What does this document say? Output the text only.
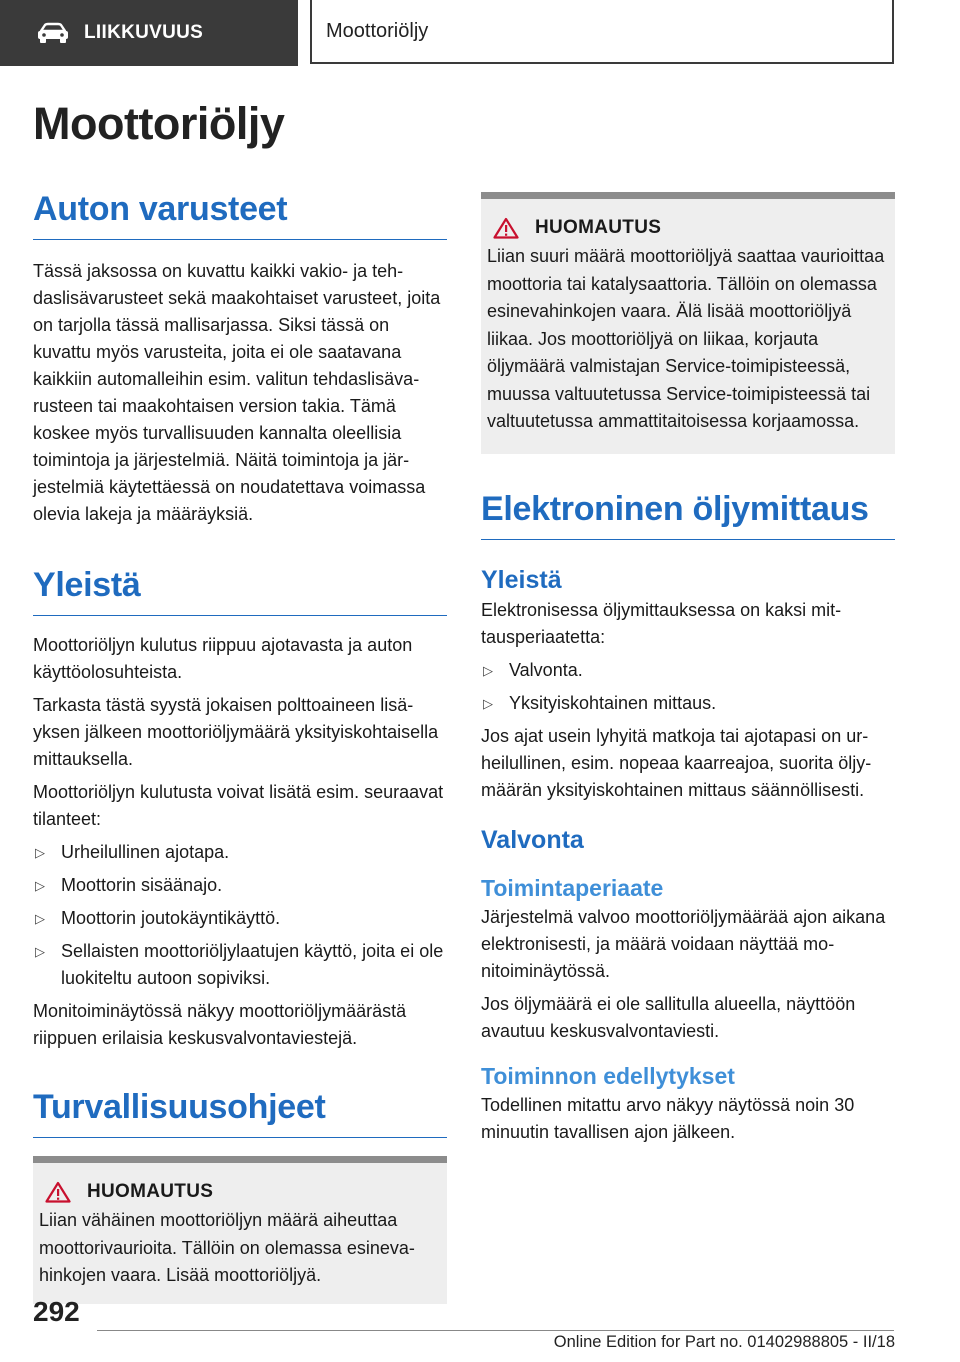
LIIKKUVUUS	Moottoriöljy
Moottoriöljy
Auton varusteet

Tässä jaksossa on kuvattu kaikki vakio- ja tehdaslisävarusteet sekä maakohtaiset varusteet, joita on tarjolla tässä mallisarjassa. Siksi tässä on kuvattu myös varusteita, joita ei ole saatavana kaikkiin automalleihin esim. valitun tehdaslisävarusteen tai maakohtaisen version takia. Tämä koskee myös turvallisuuden kannalta oleellisia toimintoja ja järjestelmiä. Näitä toimintoja ja järjestelmiä käytettäessä on noudatettava voimassa olevia lakeja ja määräyksiä.

Yleistä

Moottoriöljyn kulutus riippuu ajotavasta ja auton käyttöolosuhteista.

Tarkasta tästä syystä jokaisen polttoaineen lisäyksen jälkeen moottoriöljymäärä yksityiskohtaisella mittauksella.

Moottoriöljyn kulutusta voivat lisätä esim. seuraavat tilanteet:

▷ Urheilullinen ajotapa.
▷ Moottorin sisäänajo.
▷ Moottorin joutokäyntikäyttö.
▷ Sellaisten moottoriöljylaatujen käyttö, joita ei ole luokiteltu autoon sopiviksi.

Monitoiminäytössä näkyy moottoriöljymäärästä riippuen erilaisia keskusvalvontaviestejä.

Turvallisuusohjeet
HUOMAUTUS

Liian vähäinen moottoriöljyn määrä aiheuttaa moottorivaurioita. Tällöin on olemassa esinevahinkojen vaara. Lisää moottoriöljyä.

HUOMAUTUS

Liian suuri määrä moottoriöljyä saattaa vaurioittaa moottoria tai katalysaattoria. Tällöin on olemassa esinevahinkojen vaara. Älä lisää moottoriöljyä liikaa. Jos moottoriöljyä on liikaa, korjauta öljymäärä valmistajan Service-toimipisteessä, muussa valtuutetussa Service-toimipisteessä tai valtuutetussa ammattitaitoisessa korjaamossa.

Elektroninen öljymittaus
Yleistä

Elektronisessa öljymittauksessa on kaksi mittausperiaatetta:

▷ Valvonta.
▷ Yksityiskohtainen mittaus.

Jos ajat usein lyhyitä matkoja tai ajotapasi on urheilullinen, esim. nopeaa kaarreajoa, suorita öljymäärän yksityiskohtainen mittaus säännöllisesti.

Valvonta
Toimintaperiaate

Järjestelmä valvoo moottoriöljymäärää ajon aikana elektronisesti, ja määrä voidaan näyttää monitoiminäytössä.

Jos öljymäärä ei ole sallitulla alueella, näyttöön avautuu keskusvalvontaviesti.

Toiminnon edellytykset

Todellinen mitattu arvo näkyy näytössä noin 30 minuutin tavallisen ajon jälkeen.

292
Online Edition for Part no. 01402988805 - II/18
